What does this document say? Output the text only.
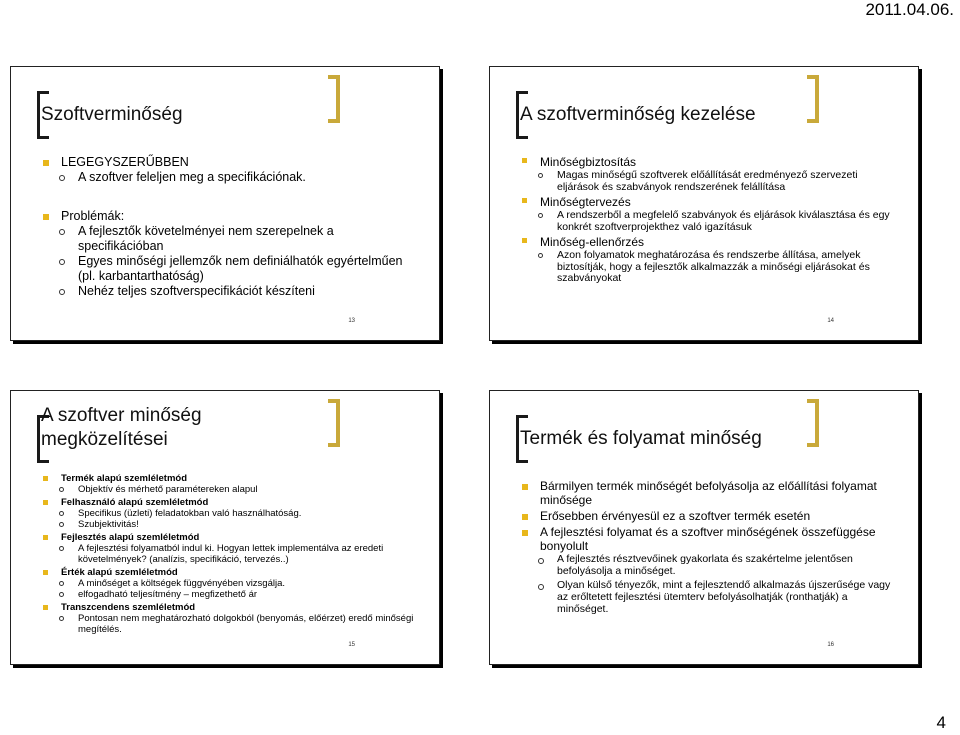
2011.04.06.
Szoftverminőség
LEGEGYSZERŰBBEN
A szoftver feleljen meg a specifikációnak.
Problémák:
A fejlesztők követelményei nem szerepelnek a specifikációban
Egyes minőségi jellemzők nem definiálhatók egyértelműen (pl. karbantarthatóság)
Nehéz teljes szoftverspecifikációt készíteni
13
A szoftverminőség kezelése
Minőségbiztosítás
Magas minőségű szoftverek előállítását eredményező szervezeti eljárások és szabványok rendszerének felállítása
Minőségtervezés
A rendszerből a megfelelő szabványok és eljárások kiválasztása és egy konkrét szoftverprojekthez való igazításuk
Minőség-ellenőrzés
Azon folyamatok meghatározása és rendszerbe állítása, amelyek biztosítják, hogy a fejlesztők alkalmazzák a minőségi eljárásokat és szabványokat
14
A szoftver minőség megközelítései
Termék alapú szemléletmód
Objektív és mérhető paramétereken alapul
Felhasználó alapú szemléletmód
Specifikus (üzleti) feladatokban való használhatóság.
Szubjektivitás!
Fejlesztés alapú szemléletmód
A fejlesztési folyamatból indul ki. Hogyan lettek implementálva az eredeti követelmények? (analízis, specifikáció, tervezés..)
Érték alapú szemléletmód
A minőséget a költségek függvényében vizsgálja.
elfogadható teljesítmény – megfizethető ár
Transzcendens szemléletmód
Pontosan nem meghatározható dolgokból (benyomás, előérzet) eredő minőségi megítélés.
15
Termék és folyamat minőség
Bármilyen termék minőségét befolyásolja az előállítási folyamat minősége
Erősebben érvényesül ez a szoftver termék esetén
A fejlesztési folyamat és a szoftver minőségének összefüggése bonyolult
A fejlesztés résztvevőinek gyakorlata és szakértelme jelentősen befolyásolja a minőséget.
Olyan külső tényezők, mint a fejlesztendő alkalmazás újszerűsége vagy az erőltetett fejlesztési ütemterv befolyásolhatják (ronthatják) a minőséget.
16
4
